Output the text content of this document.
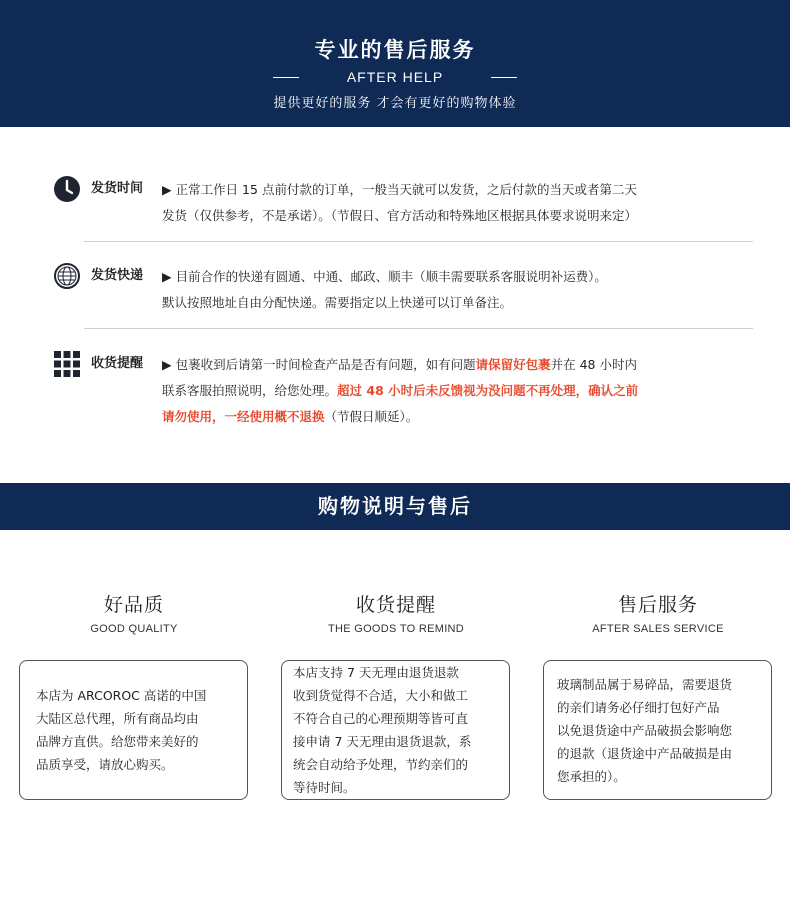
专业的售后服务
AFTER HELP
提供更好的服务 才会有更好的购物体验
发货时间 ▶ 正常工作日 15 点前付款的订单，一般当天就可以发货，之后付款的当天或者第二天
发货（仅供参考，不是承诺）。（节假日、官方活动和特殊地区根据具体要求说明来定）
发货快递 ▶ 目前合作的快递有圆通、中通、邮政、顺丰（顺丰需要联系客服说明补运费）。
默认按照地址自由分配快递。需要指定以上快递可以订单备注。
收货提醒 ▶ 包裹收到后请第一时间检查产品是否有问题，如有问题请保留好包裹并在 48 小时内
联系客服拍照说明，给您处理。超过 48 小时后未反馈视为没问题不再处理，确认之前
请勿使用，一经使用概不退换（节假日顺延）。
购物说明与售后
好品质
GOOD QUALITY
收货提醒
THE GOODS TO REMIND
售后服务
AFTER SALES SERVICE
本店为 ARCOROC 高诺的中国
大陆区总代理，所有商品均由
品牌方直供。给您带来美好的
品质享受，请放心购买。
本店支持 7 天无理由退货退款
收到货觉得不合适，大小和做工
不符合自己的心理预期等皆可直
接申请 7 天无理由退货退款，系
统会自动给予处理，节约亲们的
等待时间。
玻璃制品属于易碎品，需要退货
的亲们请务必仔细打包好产品
以免退货途中产品破损会影响您
的退款（退货途中产品破损是由
您承担的）。
